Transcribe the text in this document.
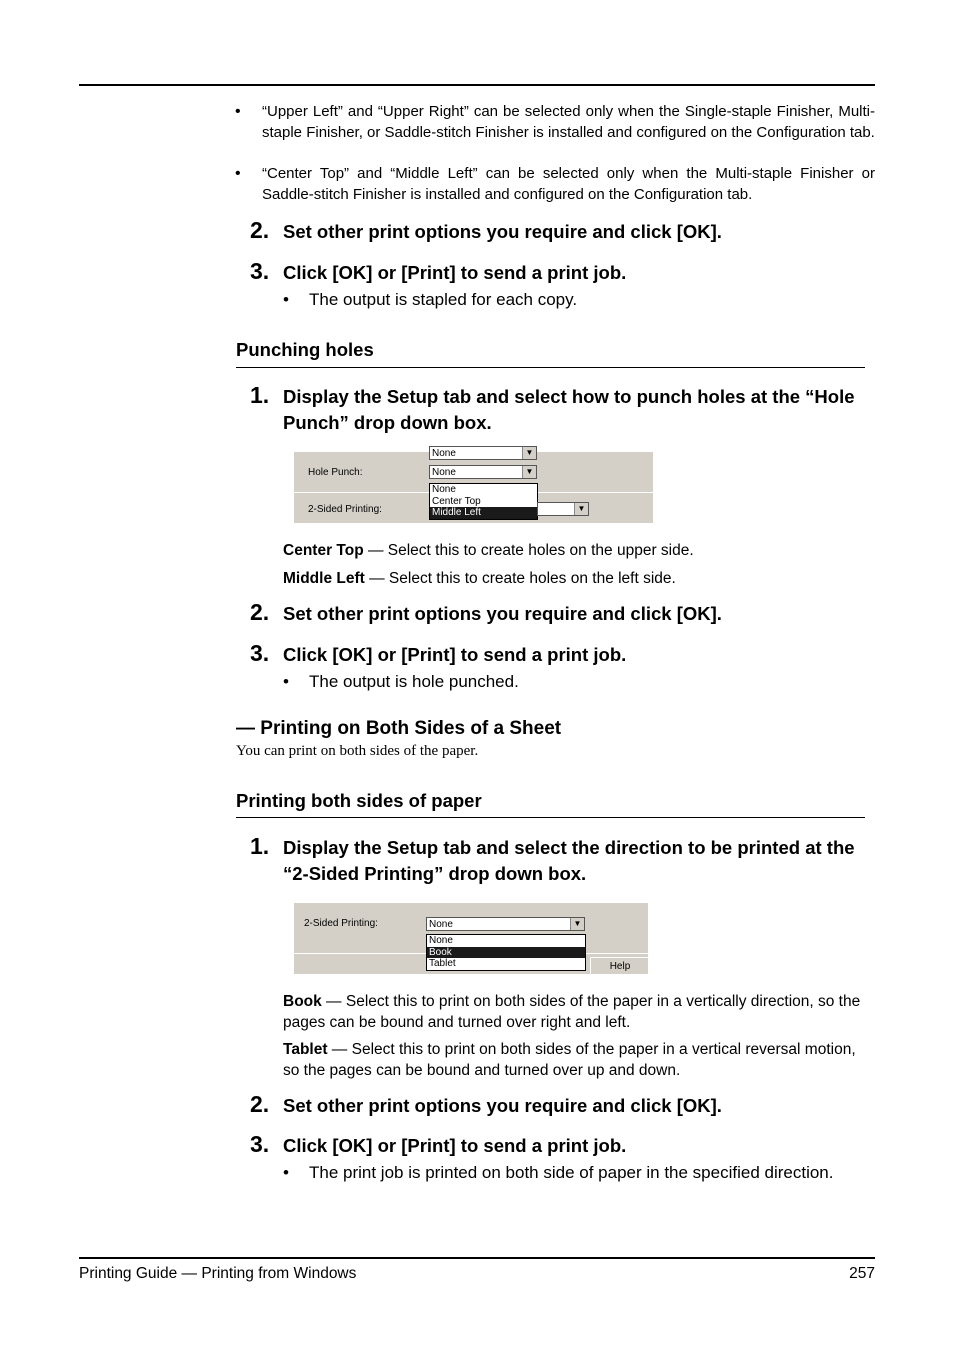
• “Upper Left” and “Upper Right” can be selected only when the Single-staple Finisher, Multi-staple Finisher, or Saddle-stitch Finisher is installed and configured on the Configuration tab.
• “Center Top” and “Middle Left” can be selected only when the Multi-staple Finisher or Saddle-stitch Finisher is installed and configured on the Configuration tab.
2. Set other print options you require and click [OK].
3. Click [OK] or [Print] to send a print job.
• The output is stapled for each copy.
Punching holes
1. Display the Setup tab and select how to punch holes at the “Hole Punch” drop down box.
None	▼
Hole Punch:	None	▼
None
Center Top
Middle Left
2-Sided Printing:	▼
Center Top — Select this to create holes on the upper side.
Middle Left — Select this to create holes on the left side.
2. Set other print options you require and click [OK].
3. Click [OK] or [Print] to send a print job.
• The output is hole punched.
— Printing on Both Sides of a Sheet
You can print on both sides of the paper.
Printing both sides of paper
1. Display the Setup tab and select the direction to be printed at the “2-Sided Printing” drop down box.
2-Sided Printing:	None	▼
None
Book
Tablet	Help
Book — Select this to print on both sides of the paper in a vertically direction, so the pages can be bound and turned over right and left.
Tablet — Select this to print on both sides of the paper in a vertical reversal motion, so the pages can be bound and turned over up and down.
2. Set other print options you require and click [OK].
3. Click [OK] or [Print] to send a print job.
• The print job is printed on both side of paper in the specified direction.
Printing Guide — Printing from Windows	257
